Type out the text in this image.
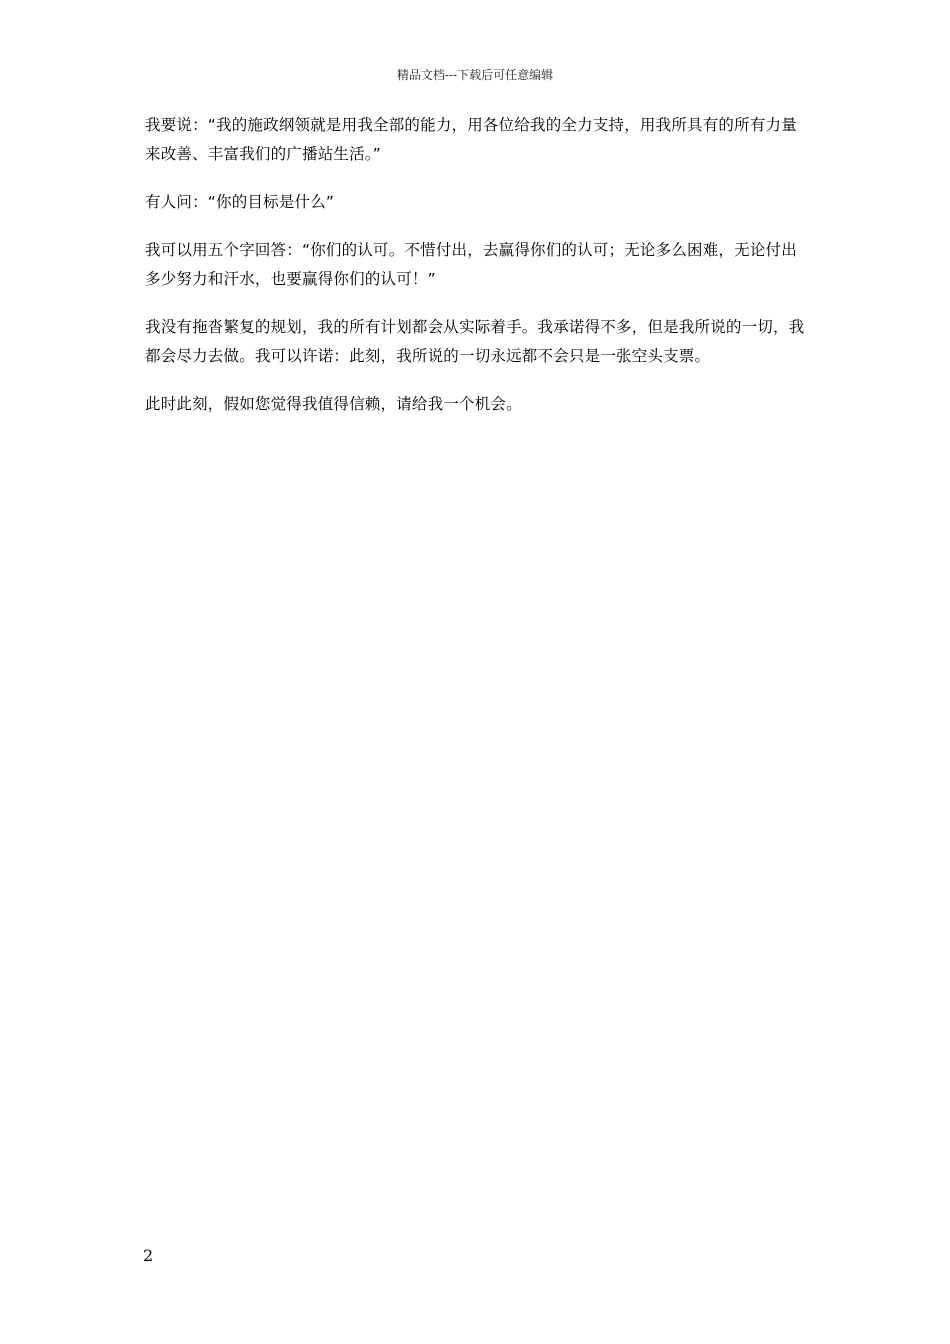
精品文档---下载后可任意编辑

我要说：“我的施政纲领就是用我全部的能力，用各位给我的全力支持，用我所具有的所有力量来改善、丰富我们的广播站生活。”

有人问：“你的目标是什么”

我可以用五个字回答：“你们的认可。不惜付出，去赢得你们的认可；无论多么困难，无论付出多少努力和汗水，也要赢得你们的认可！”

我没有拖沓繁复的规划，我的所有计划都会从实际着手。我承诺得不多，但是我所说的一切，我都会尽力去做。我可以许诺：此刻，我所说的一切永远都不会只是一张空头支票。

此时此刻，假如您觉得我值得信赖，请给我一个机会。

2
